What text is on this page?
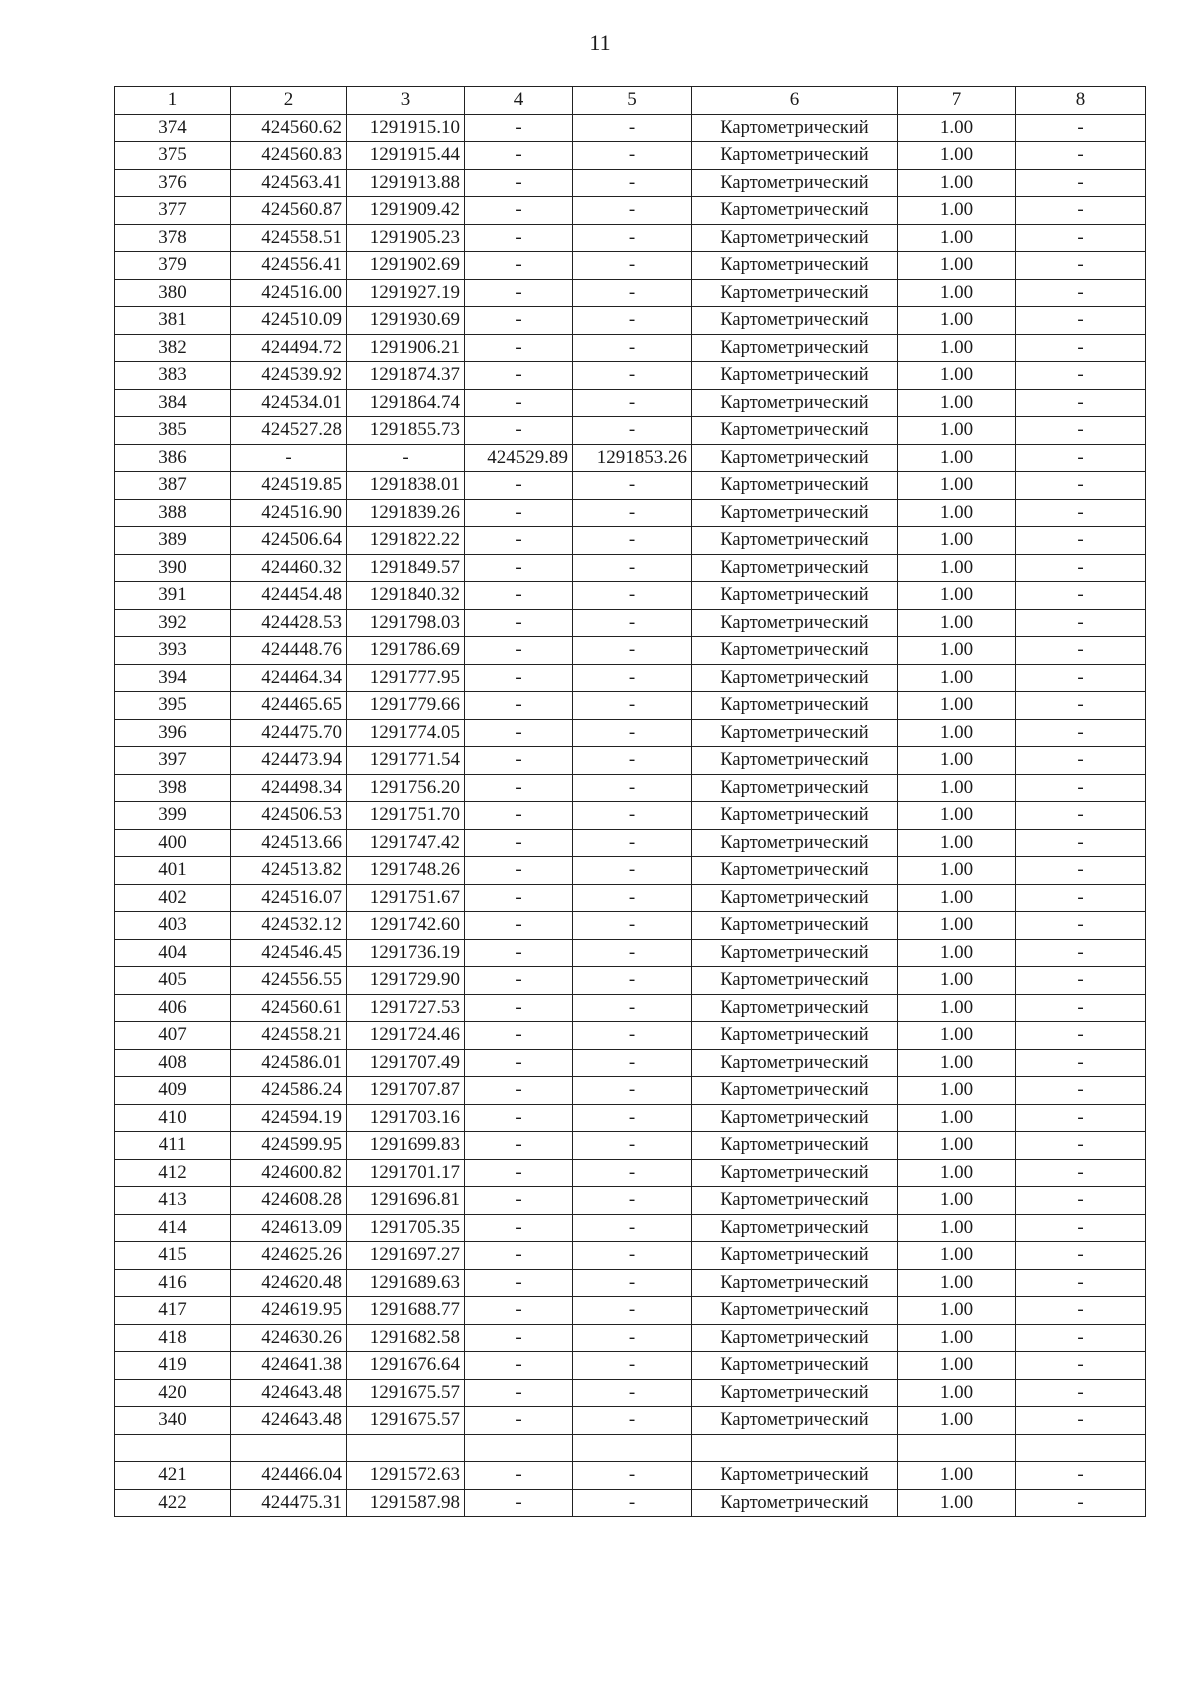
11
1	2	3	4	5	6	7	8
374	424560.62	1291915.10	-	-	Картометрический	1.00	-
375	424560.83	1291915.44	-	-	Картометрический	1.00	-
376	424563.41	1291913.88	-	-	Картометрический	1.00	-
377	424560.87	1291909.42	-	-	Картометрический	1.00	-
378	424558.51	1291905.23	-	-	Картометрический	1.00	-
379	424556.41	1291902.69	-	-	Картометрический	1.00	-
380	424516.00	1291927.19	-	-	Картометрический	1.00	-
381	424510.09	1291930.69	-	-	Картометрический	1.00	-
382	424494.72	1291906.21	-	-	Картометрический	1.00	-
383	424539.92	1291874.37	-	-	Картометрический	1.00	-
384	424534.01	1291864.74	-	-	Картометрический	1.00	-
385	424527.28	1291855.73	-	-	Картометрический	1.00	-
386	-	-	424529.89	1291853.26	Картометрический	1.00	-
387	424519.85	1291838.01	-	-	Картометрический	1.00	-
388	424516.90	1291839.26	-	-	Картометрический	1.00	-
389	424506.64	1291822.22	-	-	Картометрический	1.00	-
390	424460.32	1291849.57	-	-	Картометрический	1.00	-
391	424454.48	1291840.32	-	-	Картометрический	1.00	-
392	424428.53	1291798.03	-	-	Картометрический	1.00	-
393	424448.76	1291786.69	-	-	Картометрический	1.00	-
394	424464.34	1291777.95	-	-	Картометрический	1.00	-
395	424465.65	1291779.66	-	-	Картометрический	1.00	-
396	424475.70	1291774.05	-	-	Картометрический	1.00	-
397	424473.94	1291771.54	-	-	Картометрический	1.00	-
398	424498.34	1291756.20	-	-	Картометрический	1.00	-
399	424506.53	1291751.70	-	-	Картометрический	1.00	-
400	424513.66	1291747.42	-	-	Картометрический	1.00	-
401	424513.82	1291748.26	-	-	Картометрический	1.00	-
402	424516.07	1291751.67	-	-	Картометрический	1.00	-
403	424532.12	1291742.60	-	-	Картометрический	1.00	-
404	424546.45	1291736.19	-	-	Картометрический	1.00	-
405	424556.55	1291729.90	-	-	Картометрический	1.00	-
406	424560.61	1291727.53	-	-	Картометрический	1.00	-
407	424558.21	1291724.46	-	-	Картометрический	1.00	-
408	424586.01	1291707.49	-	-	Картометрический	1.00	-
409	424586.24	1291707.87	-	-	Картометрический	1.00	-
410	424594.19	1291703.16	-	-	Картометрический	1.00	-
411	424599.95	1291699.83	-	-	Картометрический	1.00	-
412	424600.82	1291701.17	-	-	Картометрический	1.00	-
413	424608.28	1291696.81	-	-	Картометрический	1.00	-
414	424613.09	1291705.35	-	-	Картометрический	1.00	-
415	424625.26	1291697.27	-	-	Картометрический	1.00	-
416	424620.48	1291689.63	-	-	Картометрический	1.00	-
417	424619.95	1291688.77	-	-	Картометрический	1.00	-
418	424630.26	1291682.58	-	-	Картометрический	1.00	-
419	424641.38	1291676.64	-	-	Картометрический	1.00	-
420	424643.48	1291675.57	-	-	Картометрический	1.00	-
340	424643.48	1291675.57	-	-	Картометрический	1.00	-

421	424466.04	1291572.63	-	-	Картометрический	1.00	-
422	424475.31	1291587.98	-	-	Картометрический	1.00	-
